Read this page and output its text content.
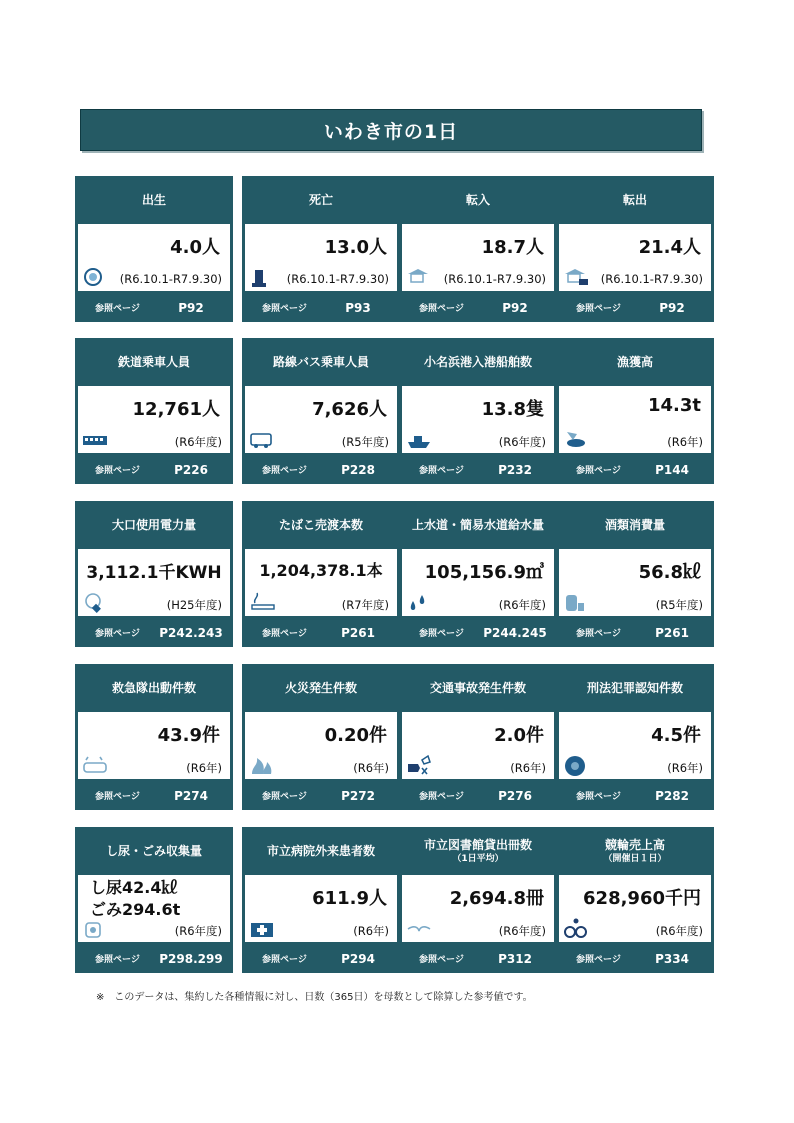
いわき市の1日
出生
4.0人
(R6.10.1-R7.9.30)
参照ページ	P92
死亡
13.0人
(R6.10.1-R7.9.30)
参照ページ	P93
転入
18.7人
(R6.10.1-R7.9.30)
参照ページ	P92
転出
21.4人
(R6.10.1-R7.9.30)
参照ページ	P92
鉄道乗車人員
12,761人
(R6年度)
参照ページ	P226
路線バス乗車人員
7,626人
(R5年度)
参照ページ	P228
小名浜港入港船舶数
13.8隻
(R6年度)
参照ページ	P232
漁獲高
14.3t
(R6年)
参照ページ	P144
大口使用電力量
3,112.1千KWH
(H25年度)
参照ページ P242.243
たばこ売渡本数
1,204,378.1本
(R7年度)
参照ページ	P261
上水道・簡易水道給水量
105,156.9㎥
(R6年度)
参照ページ P244.245
酒類消費量
56.8㎘
(R5年度)
参照ページ	P261
救急隊出動件数
43.9件
(R6年)
参照ページ	P274
火災発生件数
0.20件
(R6年)
参照ページ	P272
交通事故発生件数
2.0件
(R6年)
参照ページ	P276
刑法犯罪認知件数
4.5件
(R6年)
参照ページ	P282
し尿・ごみ収集量
し尿42.4㎘
ごみ294.6t
(R6年度)
参照ページ P298.299
市立病院外来患者数
611.9人
(R6年)
参照ページ	P294
市立図書館貸出冊数
（1日平均）
2,694.8冊
(R6年度)
参照ページ	P312
競輪売上高
（開催日１日）
628,960千円
(R6年度)
参照ページ	P334
※　このデータは、集約した各種情報に対し、日数（365日）を母数として除算した参考値です。
